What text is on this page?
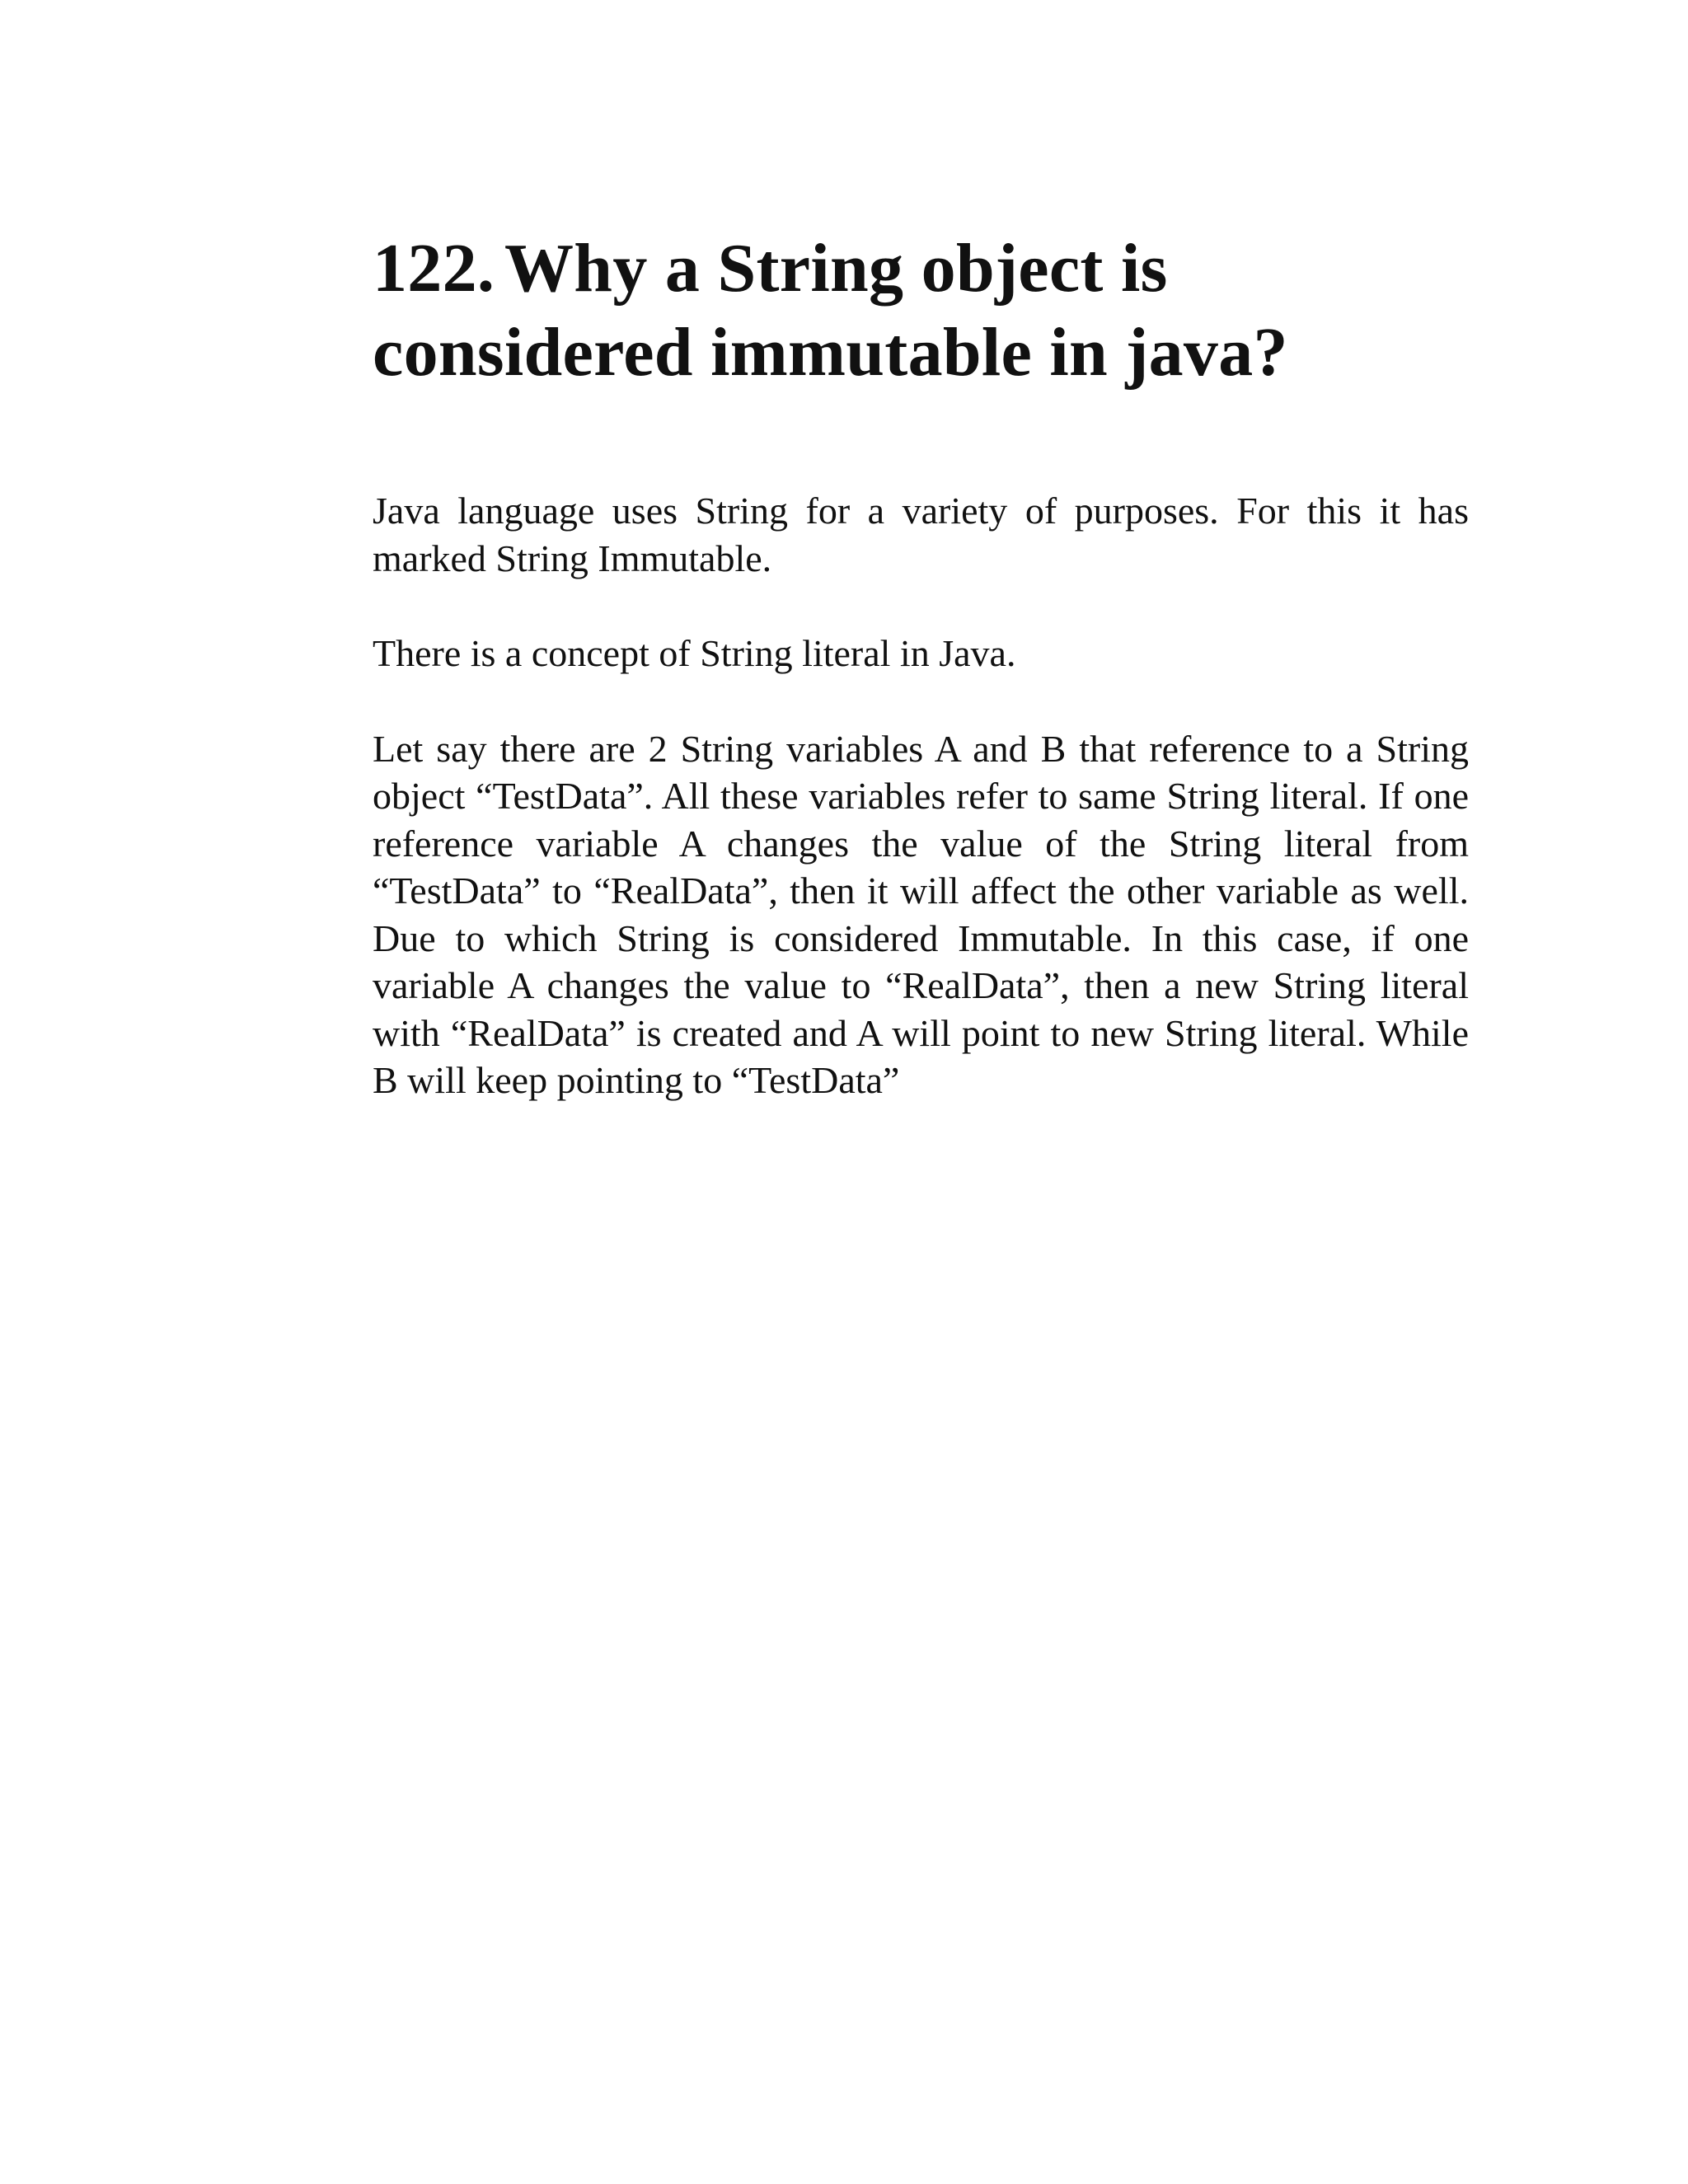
122. Why a String object is considered immutable in java?

Java language uses String for a variety of purposes. For this it has marked String Immutable.

There is a concept of String literal in Java.

Let say there are 2 String variables A and B that reference to a String object “TestData”. All these variables refer to same String literal. If one reference variable A changes the value of the String literal from “TestData” to “RealData”, then it will affect the other variable as well. Due to which String is considered Immutable. In this case, if one variable A changes the value to “RealData”, then a new String literal with “RealData” is created and A will point to new String literal. While B will keep pointing to “TestData”
